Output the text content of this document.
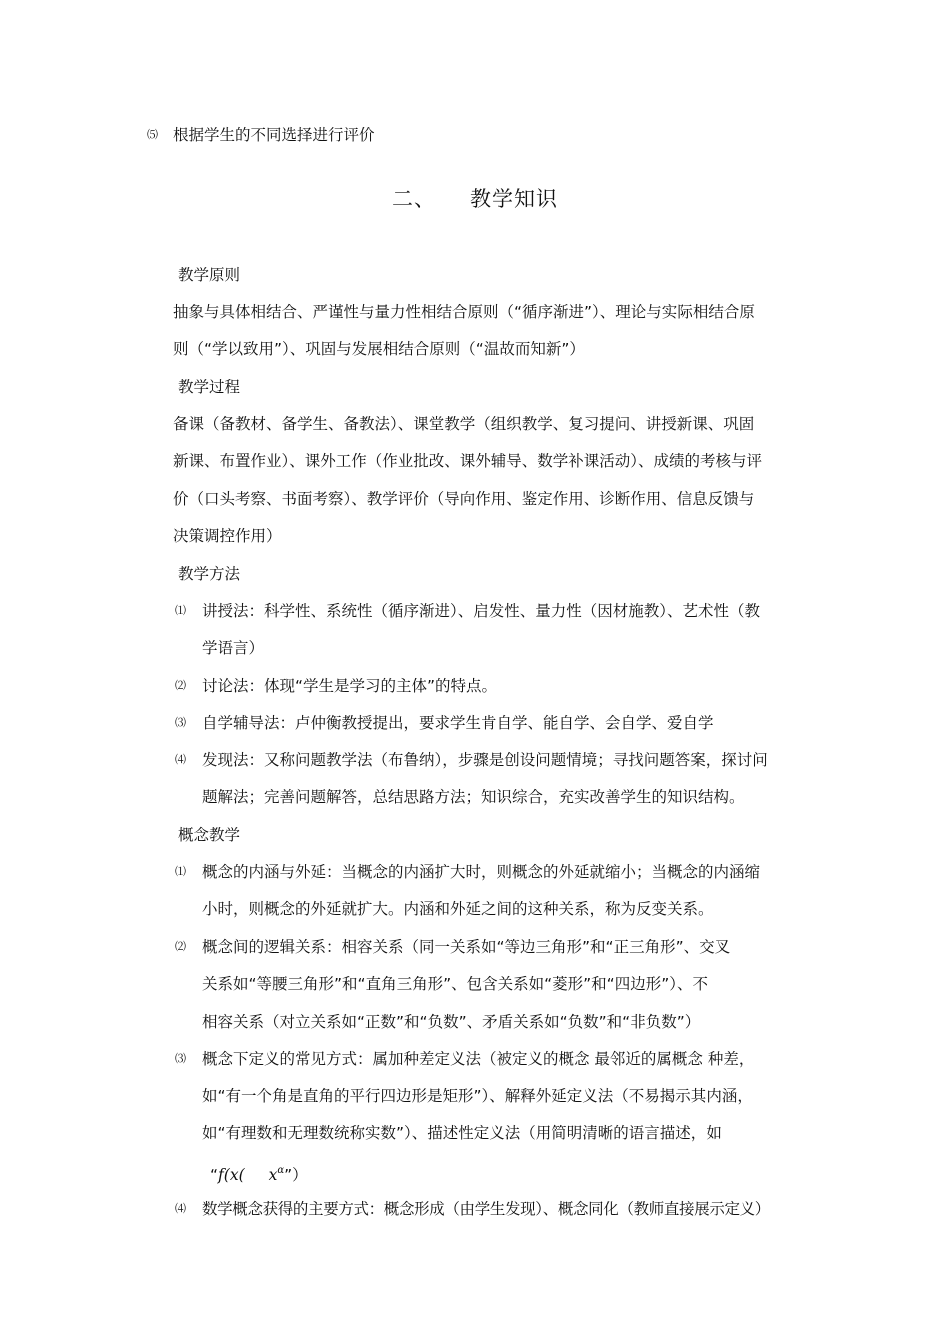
⑸ 根据学生的不同选择进行评价
二、 教学知识
教学原则
抽象与具体相结合、严谨性与量力性相结合原则（“循序渐进”）、理论与实际相结合原
则（“学以致用”）、巩固与发展相结合原则（“温故而知新”）
教学过程
备课（备教材、备学生、备教法）、课堂教学（组织教学、复习提问、讲授新课、巩固
新课、布置作业）、课外工作（作业批改、课外辅导、数学补课活动）、成绩的考核与评
价（口头考察、书面考察）、教学评价（导向作用、鉴定作用、诊断作用、信息反馈与
决策调控作用）
教学方法
⑴ 讲授法：科学性、系统性（循序渐进）、启发性、量力性（因材施教）、艺术性（教
学语言）
⑵ 讨论法：体现“学生是学习的主体”的特点。
⑶ 自学辅导法：卢仲衡教授提出，要求学生肯自学、能自学、会自学、爱自学
⑷ 发现法：又称问题教学法（布鲁纳），步骤是创设问题情境；寻找问题答案，探讨问
题解法；完善问题解答，总结思路方法；知识综合，充实改善学生的知识结构。
概念教学
⑴ 概念的内涵与外延：当概念的内涵扩大时，则概念的外延就缩小；当概念的内涵缩
小时，则概念的外延就扩大。内涵和外延之间的这种关系，称为反变关系。
⑵ 概念间的逻辑关系：相容关系（同一关系如“等边三角形”和“正三角形”、交叉
关系如“等腰三角形”和“直角三角形”、包含关系如“菱形”和“四边形”）、不
相容关系（对立关系如“正数”和“负数”、矛盾关系如“负数”和“非负数”）
⑶ 概念下定义的常见方式：属加种差定义法（被定义的概念 最邻近的属概念 种差，
如“有一个角是直角的平行四边形是矩形”）、解释外延定义法（不易揭示其内涵，
如“有理数和无理数统称实数”）、描述性定义法（用简明清晰的语言描述，如
“f(x( $x^\alpha$”）
⑷ 数学概念获得的主要方式：概念形成（由学生发现）、概念同化（教师直接展示定义）
